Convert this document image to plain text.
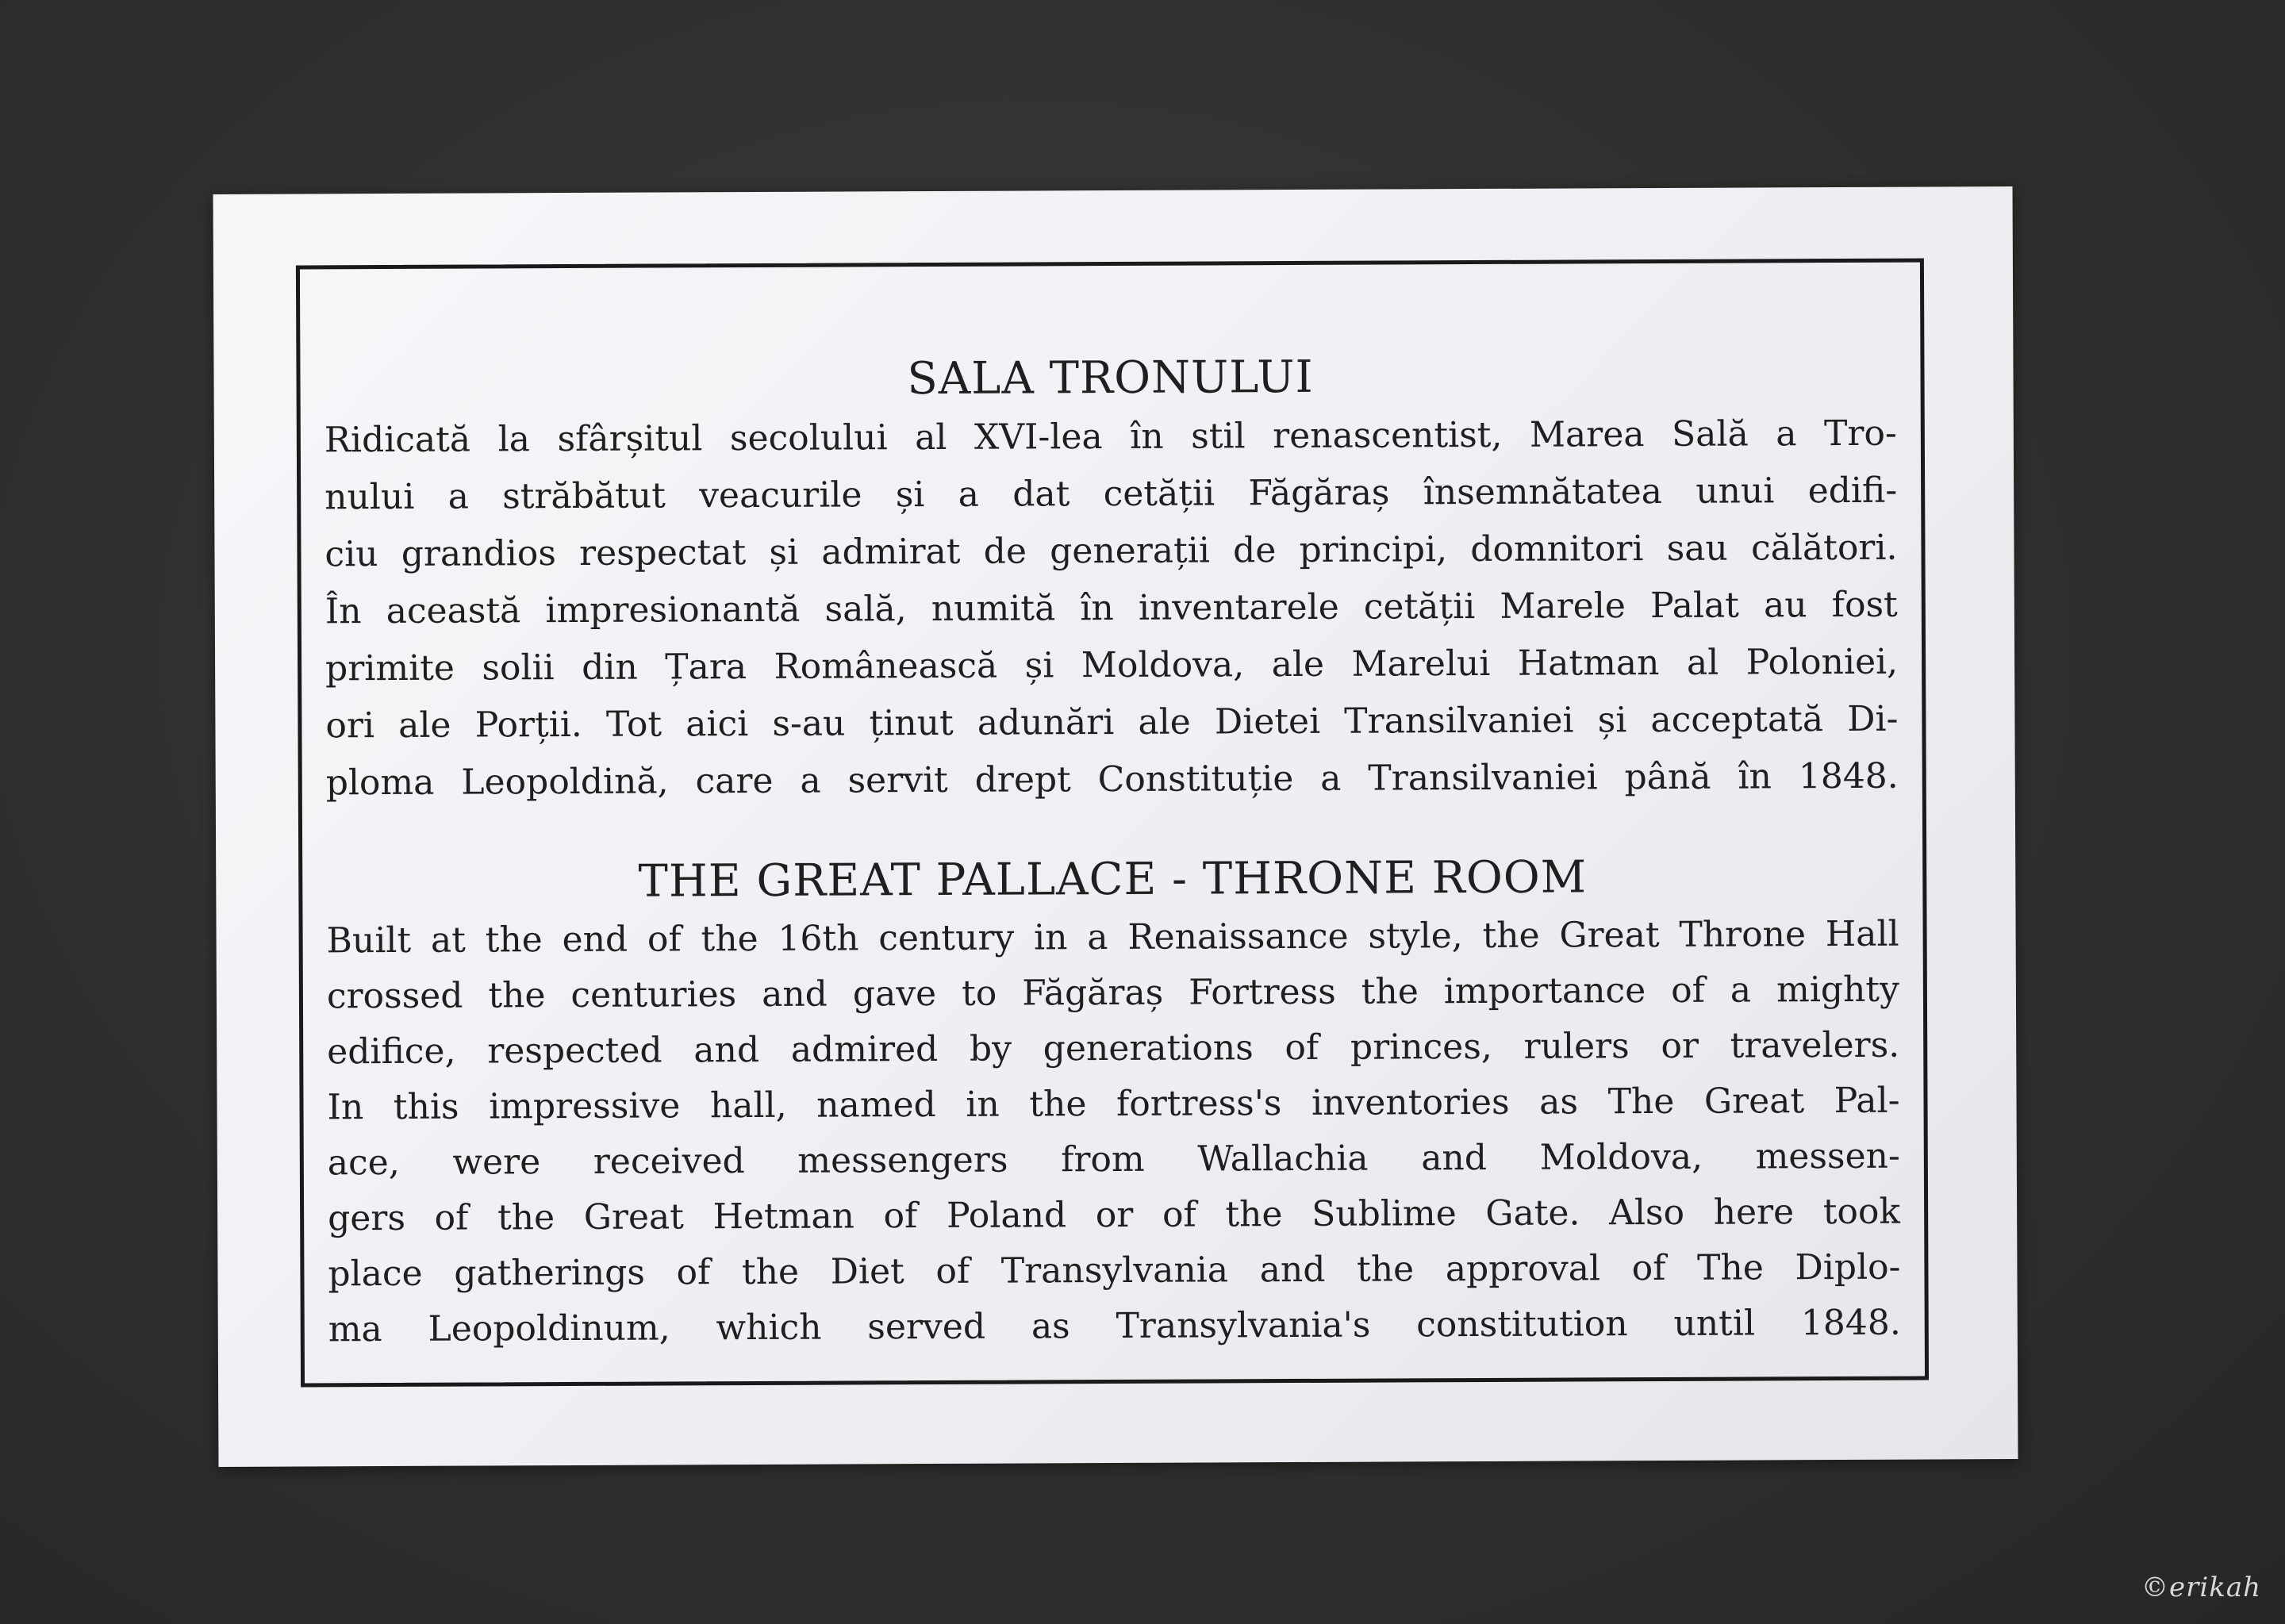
SALA TRONULUI

Ridicată la sfârșitul secolului al XVI-lea în stil renascentist, Marea Sală a Tro-
nului a străbătut veacurile și a dat cetății Făgăraș însemnătatea unui edifi-
ciu grandios respectat și admirat de generații de principi, domnitori sau călători.
În această impresionantă sală, numită în inventarele cetății Marele Palat au fost
primite solii din Țara Românească și Moldova, ale Marelui Hatman al Poloniei,
ori ale Porții. Tot aici s-au ținut adunări ale Dietei Transilvaniei și acceptată Di-
ploma Leopoldină, care a servit drept Constituție a Transilvaniei până în 1848.

THE GREAT PALLACE - THRONE ROOM

Built at the end of the 16th century in a Renaissance style, the Great Throne Hall
crossed the centuries and gave to Făgăraș Fortress the importance of a mighty
edifice, respected and admired by generations of princes, rulers or travelers.
In this impressive hall, named in the fortress's inventories as The Great Pal-
ace, were received messengers from Wallachia and Moldova, messen-
gers of the Great Hetman of Poland or of the Sublime Gate. Also here took
place gatherings of the Diet of Transylvania and the approval of The Diplo-
ma Leopoldinum, which served as Transylvania's constitution until 1848.

©erikah
